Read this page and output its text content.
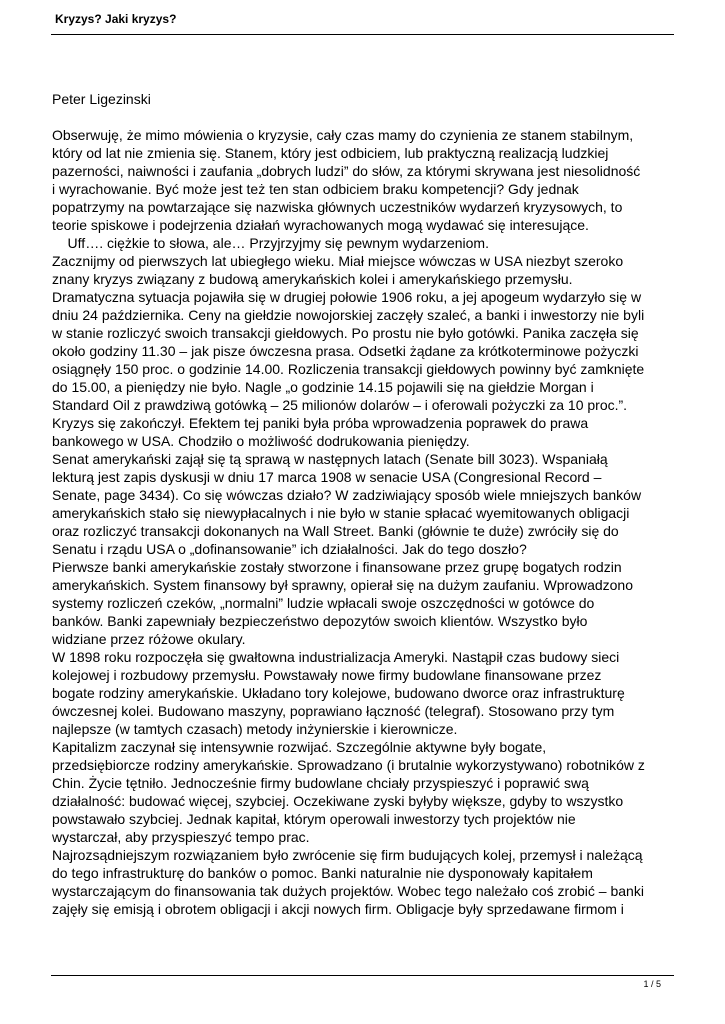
Kryzys? Jaki kryzys?

Peter Ligezinski

Obserwuję, że mimo mówienia o kryzysie, cały czas mamy do czynienia ze stanem stabilnym,
który od lat nie zmienia się. Stanem, który jest odbiciem, lub praktyczną realizacją ludzkiej
pazerności, naiwności i zaufania „dobrych ludzi” do słów, za którymi skrywana jest niesolidność
i wyrachowanie. Być może jest też ten stan odbiciem braku kompetencji? Gdy jednak
popatrzymy na powtarzające się nazwiska głównych uczestników wydarzeń kryzysowych, to
teorie spiskowe i podejrzenia działań wyrachowanych mogą wydawać się interesujące.
Uff…. ciężkie to słowa, ale… Przyjrzyjmy się pewnym wydarzeniom.
Zacznijmy od pierwszych lat ubiegłego wieku. Miał miejsce wówczas w USA niezbyt szeroko
znany kryzys związany z budową amerykańskich kolei i amerykańskiego przemysłu.
Dramatyczna sytuacja pojawiła się w drugiej połowie 1906 roku, a jej apogeum wydarzyło się w
dniu 24 października. Ceny na giełdzie nowojorskiej zaczęły szaleć, a banki i inwestorzy nie byli
w stanie rozliczyć swoich transakcji giełdowych. Po prostu nie było gotówki. Panika zaczęła się
około godziny 11.30 – jak pisze ówczesna prasa. Odsetki żądane za krótkoterminowe pożyczki
osiągnęły 150 proc. o godzinie 14.00. Rozliczenia transakcji giełdowych powinny być zamknięte
do 15.00, a pieniędzy nie było. Nagle „o godzinie 14.15 pojawili się na giełdzie Morgan i
Standard Oil z prawdziwą gotówką – 25 milionów dolarów – i oferowali pożyczki za 10 proc.”.
Kryzys się zakończył. Efektem tej paniki była próba wprowadzenia poprawek do prawa
bankowego w USA. Chodziło o możliwość dodrukowania pieniędzy.
Senat amerykański zajął się tą sprawą w następnych latach (Senate bill 3023). Wspaniałą
lekturą jest zapis dyskusji w dniu 17 marca 1908 w senacie USA (Congresional Record –
Senate, page 3434). Co się wówczas działo? W zadziwiający sposób wiele mniejszych banków
amerykańskich stało się niewypłacalnych i nie było w stanie spłacać wyemitowanych obligacji
oraz rozliczyć transakcji dokonanych na Wall Street. Banki (głównie te duże) zwróciły się do
Senatu i rządu USA o „dofinansowanie” ich działalności. Jak do tego doszło?
Pierwsze banki amerykańskie zostały stworzone i finansowane przez grupę bogatych rodzin
amerykańskich. System finansowy był sprawny, opierał się na dużym zaufaniu. Wprowadzono
systemy rozliczeń czeków, „normalni” ludzie wpłacali swoje oszczędności w gotówce do
banków. Banki zapewniały bezpieczeństwo depozytów swoich klientów. Wszystko było
widziane przez różowe okulary.
W 1898 roku rozpoczęła się gwałtowna industrializacja Ameryki. Nastąpił czas budowy sieci
kolejowej i rozbudowy przemysłu. Powstawały nowe firmy budowlane finansowane przez
bogate rodziny amerykańskie. Układano tory kolejowe, budowano dworce oraz infrastrukturę
ówczesnej kolei. Budowano maszyny, poprawiano łączność (telegraf). Stosowano przy tym
najlepsze (w tamtych czasach) metody inżynierskie i kierownicze.
Kapitalizm zaczynał się intensywnie rozwijać. Szczególnie aktywne były bogate,
przedsiębiorcze rodziny amerykańskie. Sprowadzano (i brutalnie wykorzystywano) robotników z
Chin. Życie tętniło. Jednocześnie firmy budowlane chciały przyspieszyć i poprawić swą
działalność: budować więcej, szybciej. Oczekiwane zyski byłyby większe, gdyby to wszystko
powstawało szybciej. Jednak kapitał, którym operowali inwestorzy tych projektów nie
wystarczał, aby przyspieszyć tempo prac.
Najrozsądniejszym rozwiązaniem było zwrócenie się firm budujących kolej, przemysł i należącą
do tego infrastrukturę do banków o pomoc. Banki naturalnie nie dysponowały kapitałem
wystarczającym do finansowania tak dużych projektów. Wobec tego należało coś zrobić – banki
zajęły się emisją i obrotem obligacji i akcji nowych firm. Obligacje były sprzedawane firmom i
1 / 5
